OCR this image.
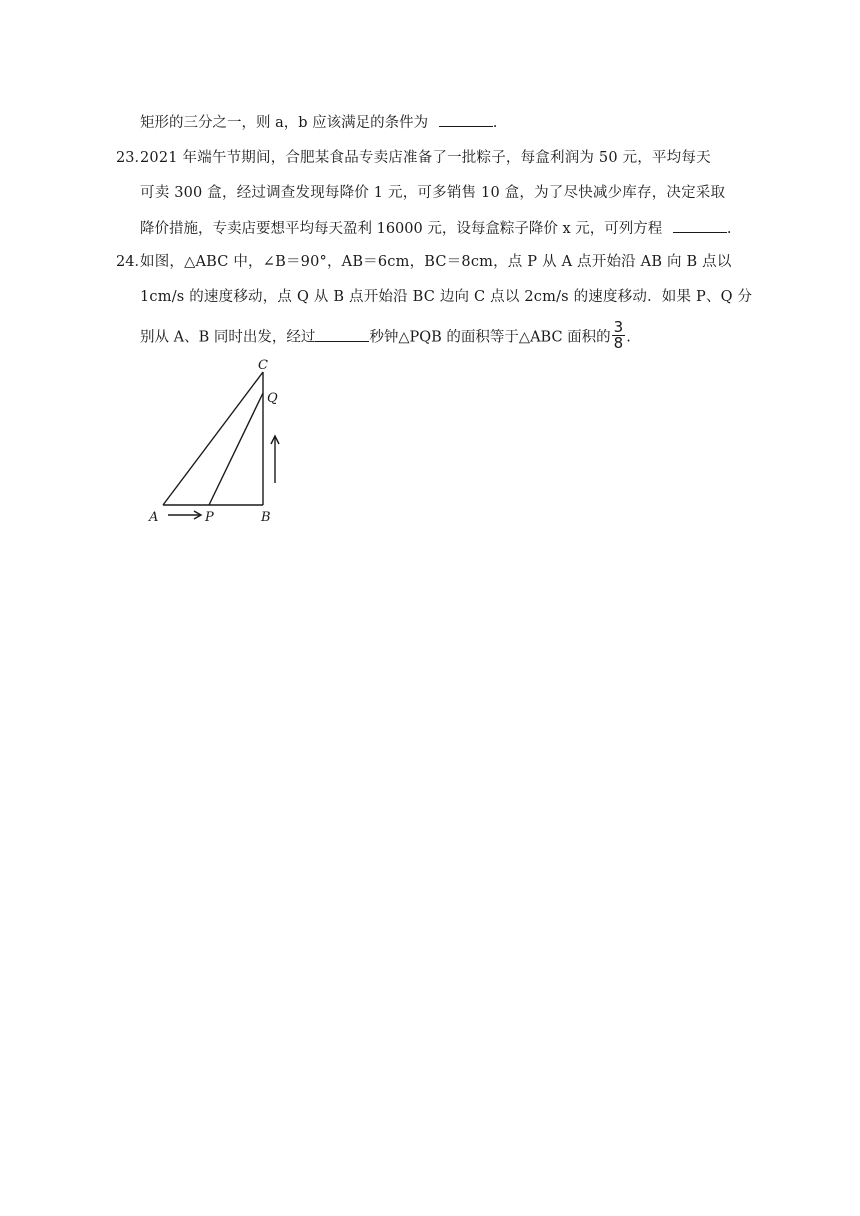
矩形的三分之一，则 a，b 应该满足的条件为	.
23．
2021 年端午节期间，合肥某食品专卖店准备了一批粽子，每盒利润为 50 元，平均每天
可卖 300 盒，经过调查发现每降价 1 元，可多销售 10 盒，为了尽快减少库存，决定采取
降价措施，专卖店要想平均每天盈利 16000 元，设每盒粽子降价 x 元，可列方程	.
24．
如图，△ABC 中，∠B＝90°，AB＝6cm，BC＝8cm，点 P 从 A 点开始沿 AB 向 B 点以
1cm/s 的速度移动，点 Q 从 B 点开始沿 BC 边向 C 点以 2cm/s 的速度移动．如果 P、Q 分
别从 A、B 同时出发，经过	秒钟△PQB 的面积等于△ABC 面积的 $\frac{3}{8}$ .
A	P	B
C
Q
